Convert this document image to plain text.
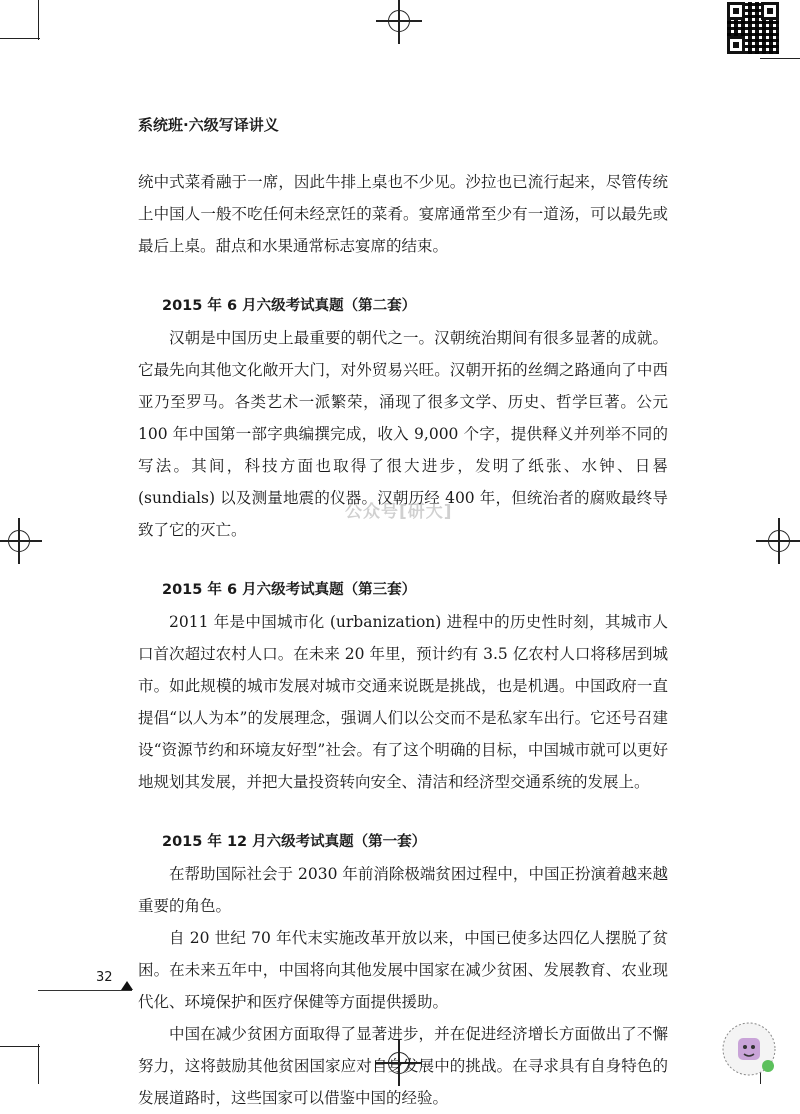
系统班·六级写译讲义

统中式菜肴融于一席，因此牛排上桌也不少见。沙拉也已流行起来，尽管传统上中国人一般不吃任何未经烹饪的菜肴。宴席通常至少有一道汤，可以最先或最后上桌。甜点和水果通常标志宴席的结束。

2015 年 6 月六级考试真题（第二套）

汉朝是中国历史上最重要的朝代之一。汉朝统治期间有很多显著的成就。它最先向其他文化敞开大门，对外贸易兴旺。汉朝开拓的丝绸之路通向了中西亚乃至罗马。各类艺术一派繁荣，涌现了很多文学、历史、哲学巨著。公元 100 年中国第一部字典编撰完成，收入 9,000 个字，提供释义并列举不同的写法。其间，科技方面也取得了很大进步，发明了纸张、水钟、日晷 (sundials) 以及测量地震的仪器。汉朝历经 400 年，但统治者的腐败最终导致了它的灭亡。

2015 年 6 月六级考试真题（第三套）

2011 年是中国城市化 (urbanization) 进程中的历史性时刻，其城市人口首次超过农村人口。在未来 20 年里，预计约有 3.5 亿农村人口将移居到城市。如此规模的城市发展对城市交通来说既是挑战，也是机遇。中国政府一直提倡“以人为本”的发展理念，强调人们以公交而不是私家车出行。它还号召建设“资源节约和环境友好型”社会。有了这个明确的目标，中国城市就可以更好地规划其发展，并把大量投资转向安全、清洁和经济型交通系统的发展上。

2015 年 12 月六级考试真题（第一套）

在帮助国际社会于 2030 年前消除极端贫困过程中，中国正扮演着越来越重要的角色。

自 20 世纪 70 年代末实施改革开放以来，中国已使多达四亿人摆脱了贫困。在未来五年中，中国将向其他发展中国家在减少贫困、发展教育、农业现代化、环境保护和医疗保健等方面提供援助。

中国在减少贫困方面取得了显著进步，并在促进经济增长方面做出了不懈努力，这将鼓励其他贫困国家应对自身发展中的挑战。在寻求具有自身特色的发展道路时，这些国家可以借鉴中国的经验。

公众号[研大]
32
